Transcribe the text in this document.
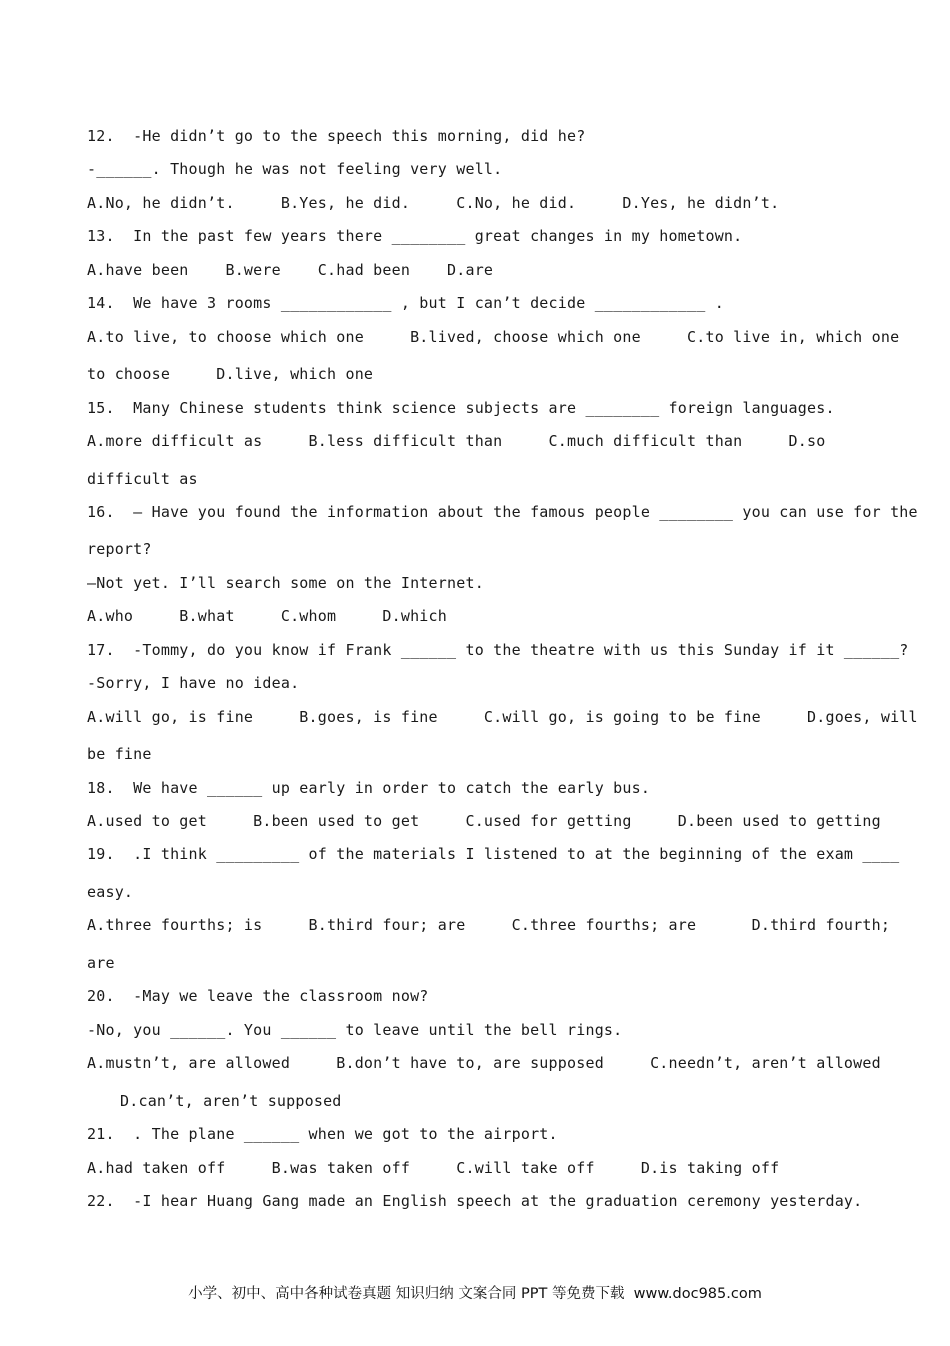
12.  -He didn’t go to the speech this morning, did he?
-______. Though he was not feeling very well.
A.No, he didn’t.     B.Yes, he did.     C.No, he did.     D.Yes, he didn’t.
13.  In the past few years there ________ great changes in my hometown.
A.have been    B.were    C.had been    D.are
14.  We have 3 rooms ____________ , but I can’t decide ____________ .
A.to live, to choose which one     B.lived, choose which one     C.to live in, which one
to choose     D.live, which one
15.  Many Chinese students think science subjects are ________ foreign languages.
A.more difficult as     B.less difficult than     C.much difficult than     D.so
difficult as
16.  — Have you found the information about the famous people ________ you can use for the
report?
—Not yet. I’ll search some on the Internet.
A.who     B.what     C.whom     D.which
17.  -Tommy, do you know if Frank ______ to the theatre with us this Sunday if it ______?
-Sorry, I have no idea.
A.will go, is fine     B.goes, is fine     C.will go, is going to be fine     D.goes, will
be fine
18.  We have ______ up early in order to catch the early bus.
A.used to get     B.been used to get     C.used for getting     D.been used to getting
19.  .I think _________ of the materials I listened to at the beginning of the exam ____
easy.
A.three fourths; is     B.third four; are     C.three fourths; are      D.third fourth;
are
20.  -May we leave the classroom now?
-No, you ______. You ______ to leave until the bell rings.
A.mustn’t, are allowed     B.don’t have to, are supposed     C.needn’t, aren’t allowed
D.can’t, aren’t supposed
21.  . The plane ______ when we got to the airport.
A.had taken off     B.was taken off     C.will take off     D.is taking off
22.  -I hear Huang Gang made an English speech at the graduation ceremony yesterday.
小学、初中、高中各种试卷真题 知识归纳 文案合同 PPT 等免费下载  www.doc985.com
